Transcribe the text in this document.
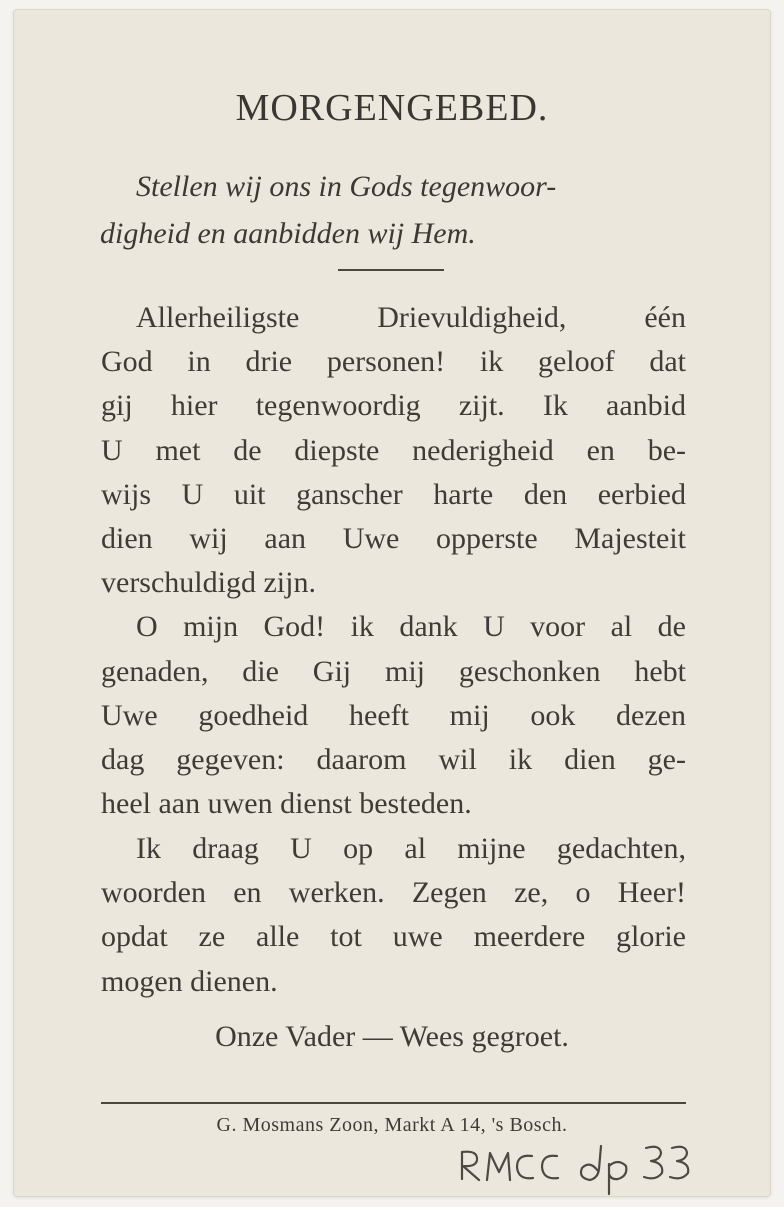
MORGENGEBED.
Stellen wij ons in Gods tegenwoor-
digheid en aanbidden wij Hem.
Allerheiligste Drievuldigheid, één
God in drie personen! ik geloof dat
gij hier tegenwoordig zijt. Ik aanbid
U met de diepste nederigheid en be-
wijs U uit ganscher harte den eerbied
dien wij aan Uwe opperste Majesteit
verschuldigd zijn.
O mijn God! ik dank U voor al de
genaden, die Gij mij geschonken hebt
Uwe goedheid heeft mij ook dezen
dag gegeven: daarom wil ik dien ge-
heel aan uwen dienst besteden.
Ik draag U op al mijne gedachten,
woorden en werken. Zegen ze, o Heer!
opdat ze alle tot uwe meerdere glorie
mogen dienen.
Onze Vader — Wees gegroet.
G. Mosmans Zoon, Markt A 14, 's Bosch.
